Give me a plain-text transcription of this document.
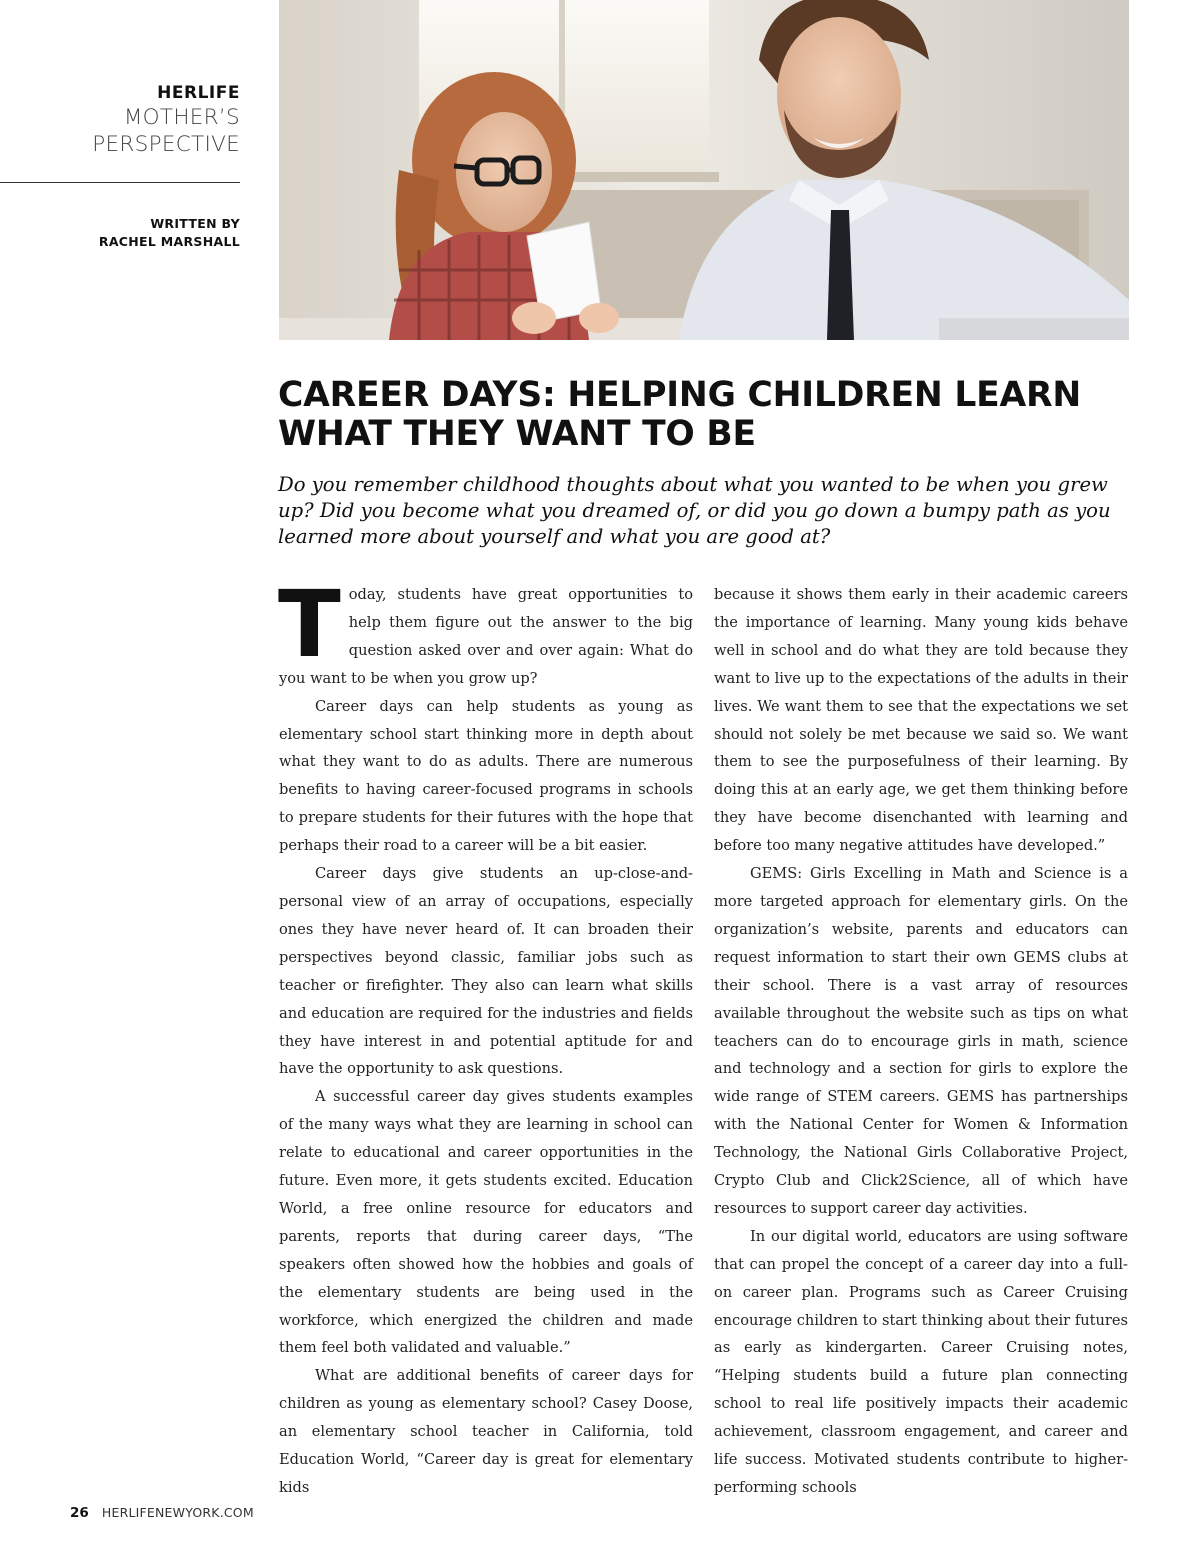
HERLIFE
MOTHER’S
PERSPECTIVE
WRITTEN BY
RACHEL MARSHALL
CAREER DAYS: HELPING CHILDREN LEARN
WHAT THEY WANT TO BE

Do you remember childhood thoughts about what you wanted to be when you grew up? Did you become what you dreamed of, or did you go down a bumpy path as you learned more about yourself and what you are good at?

Today, students have great opportunities to help them figure out the answer to the big question asked over and over again: What do you want to be when you grow up?

Career days can help students as young as elementary school start thinking more in depth about what they want to do as adults. There are numerous benefits to having career-focused programs in schools to prepare students for their futures with the hope that perhaps their road to a career will be a bit easier.

Career days give students an up-close-and-personal view of an array of occupations, especially ones they have never heard of. It can broaden their perspectives beyond classic, familiar jobs such as teacher or firefighter. They also can learn what skills and education are required for the industries and fields they have interest in and potential aptitude for and have the opportunity to ask questions.

A successful career day gives students examples of the many ways what they are learning in school can relate to educational and career opportunities in the future. Even more, it gets students excited. Education World, a free online resource for educators and parents, reports that during career days, “The speakers often showed how the hobbies and goals of the elementary students are being used in the workforce, which energized the children and made them feel both validated and valuable.”

What are additional benefits of career days for children as young as elementary school? Casey Doose, an elementary school teacher in California, told Education World, “Career day is great for elementary kids

because it shows them early in their academic careers the importance of learning. Many young kids behave well in school and do what they are told because they want to live up to the expectations of the adults in their lives. We want them to see that the expectations we set should not solely be met because we said so. We want them to see the purposefulness of their learning. By doing this at an early age, we get them thinking before they have become disenchanted with learning and before too many negative attitudes have developed.”

GEMS: Girls Excelling in Math and Science is a more targeted approach for elementary girls. On the organization’s website, parents and educators can request information to start their own GEMS clubs at their school. There is a vast array of resources available throughout the website such as tips on what teachers can do to encourage girls in math, science and technology and a section for girls to explore the wide range of STEM careers. GEMS has partnerships with the National Center for Women & Information Technology, the National Girls Collaborative Project, Crypto Club and Click2Science, all of which have resources to support career day activities.

In our digital world, educators are using software that can propel the concept of a career day into a full-on career plan. Programs such as Career Cruising encourage children to start thinking about their futures as early as kindergarten. Career Cruising notes, “Helping students build a future plan connecting school to real life positively impacts their academic achievement, classroom engagement, and career and life success. Motivated students contribute to higher-performing schools

26 HERLIFENEWYORK.COM
